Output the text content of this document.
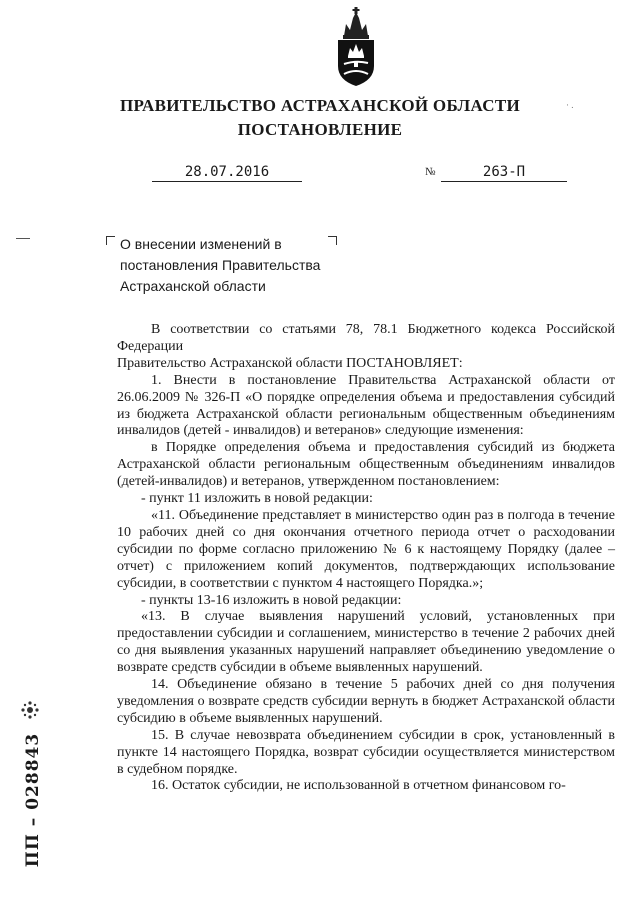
ПРАВИТЕЛЬСТВО АСТРАХАНСКОЙ ОБЛАСТИ
ПОСТАНОВЛЕНИЕ
· .
28.07.2016	№	263-П
О внесении изменений в постановления Правительства Астраханской области

В соответствии со статьями 78, 78.1 Бюджетного кодекса Российской Федерации

Правительство Астраханской области ПОСТАНОВЛЯЕТ:

1. Внести в постановление Правительства Астраханской области от 26.06.2009 № 326-П «О порядке определения объема и предоставления субсидий из бюджета Астраханской области региональным общественным объединениям инвалидов (детей - инвалидов) и ветеранов» следующие изменения:

в Порядке определения объема и предоставления субсидий из бюджета Астраханской области региональным общественным объединениям инвалидов (детей-инвалидов) и ветеранов, утвержденном постановлением:

- пункт 11 изложить в новой редакции:

«11. Объединение представляет в министерство один раз в полгода в течение 10 рабочих дней со дня окончания отчетного периода отчет о расходовании субсидии по форме согласно приложению № 6 к настоящему Порядку (далее – отчет) с приложением копий документов, подтверждающих использование субсидии, в соответствии с пунктом 4 настоящего Порядка.»;

- пункты 13-16 изложить в новой редакции:

«13. В случае выявления нарушений условий, установленных при предоставлении субсидии и соглашением, министерство в течение 2 рабочих дней со дня выявления указанных нарушений направляет объединению уведомление о возврате средств субсидии в объеме выявленных нарушений.

14. Объединение обязано в течение 5 рабочих дней со дня получения уведомления о возврате средств субсидии вернуть в бюджет Астраханской области субсидию в объеме выявленных нарушений.

15. В случае невозврата объединением субсидии в срок, установленный в пункте 14 настоящего Порядка, возврат субсидии осуществляется министерством в судебном порядке.

16. Остаток субсидии, не использованной в отчетном финансовом го-

ПП – 028843
